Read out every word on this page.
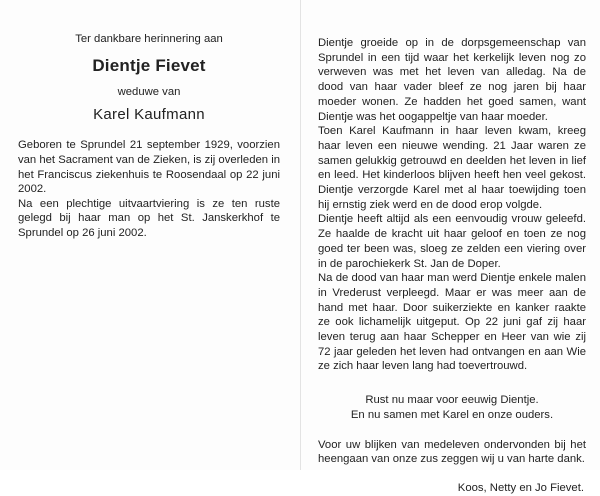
Ter dankbare herinnering aan
Dientje Fievet
weduwe van
Karel Kaufmann

Geboren te Sprundel 21 september 1929, voorzien van het Sacrament van de Zieken, is zij overleden in het Franciscus ziekenhuis te Roosendaal op 22 juni 2002.

Na een plechtige uitvaartviering is ze ten ruste gelegd bij haar man op het St. Janskerkhof te Sprundel op 26 juni 2002.

Dientje groeide op in de dorpsgemeenschap van Sprundel in een tijd waar het kerkelijk leven nog zo verweven was met het leven van alledag. Na de dood van haar vader bleef ze nog jaren bij haar moeder wonen. Ze hadden het goed samen, want Dientje was het oogappeltje van haar moeder.

Toen Karel Kaufmann in haar leven kwam, kreeg haar leven een nieuwe wending. 21 Jaar waren ze samen gelukkig getrouwd en deelden het leven in lief en leed. Het kinderloos blijven heeft hen veel gekost. Dientje verzorgde Karel met al haar toewijding toen hij ernstig ziek werd en de dood erop volgde.

Dientje heeft altijd als een eenvoudig vrouw geleefd. Ze haalde de kracht uit haar geloof en toen ze nog goed ter been was, sloeg ze zelden een viering over in de parochiekerk St. Jan de Doper.

Na de dood van haar man werd Dientje enkele malen in Vrederust verpleegd. Maar er was meer aan de hand met haar. Door suikerziekte en kanker raakte ze ook lichamelijk uitgeput. Op 22 juni gaf zij haar leven terug aan haar Schepper en Heer van wie zij 72 jaar geleden het leven had ontvangen en aan Wie ze zich haar leven lang had toevertrouwd.

Rust nu maar voor eeuwig Dientje.
En nu samen met Karel en onze ouders.

Voor uw blijken van medeleven ondervonden bij het heengaan van onze zus zeggen wij u van harte dank.

Koos, Netty en Jo Fievet.
